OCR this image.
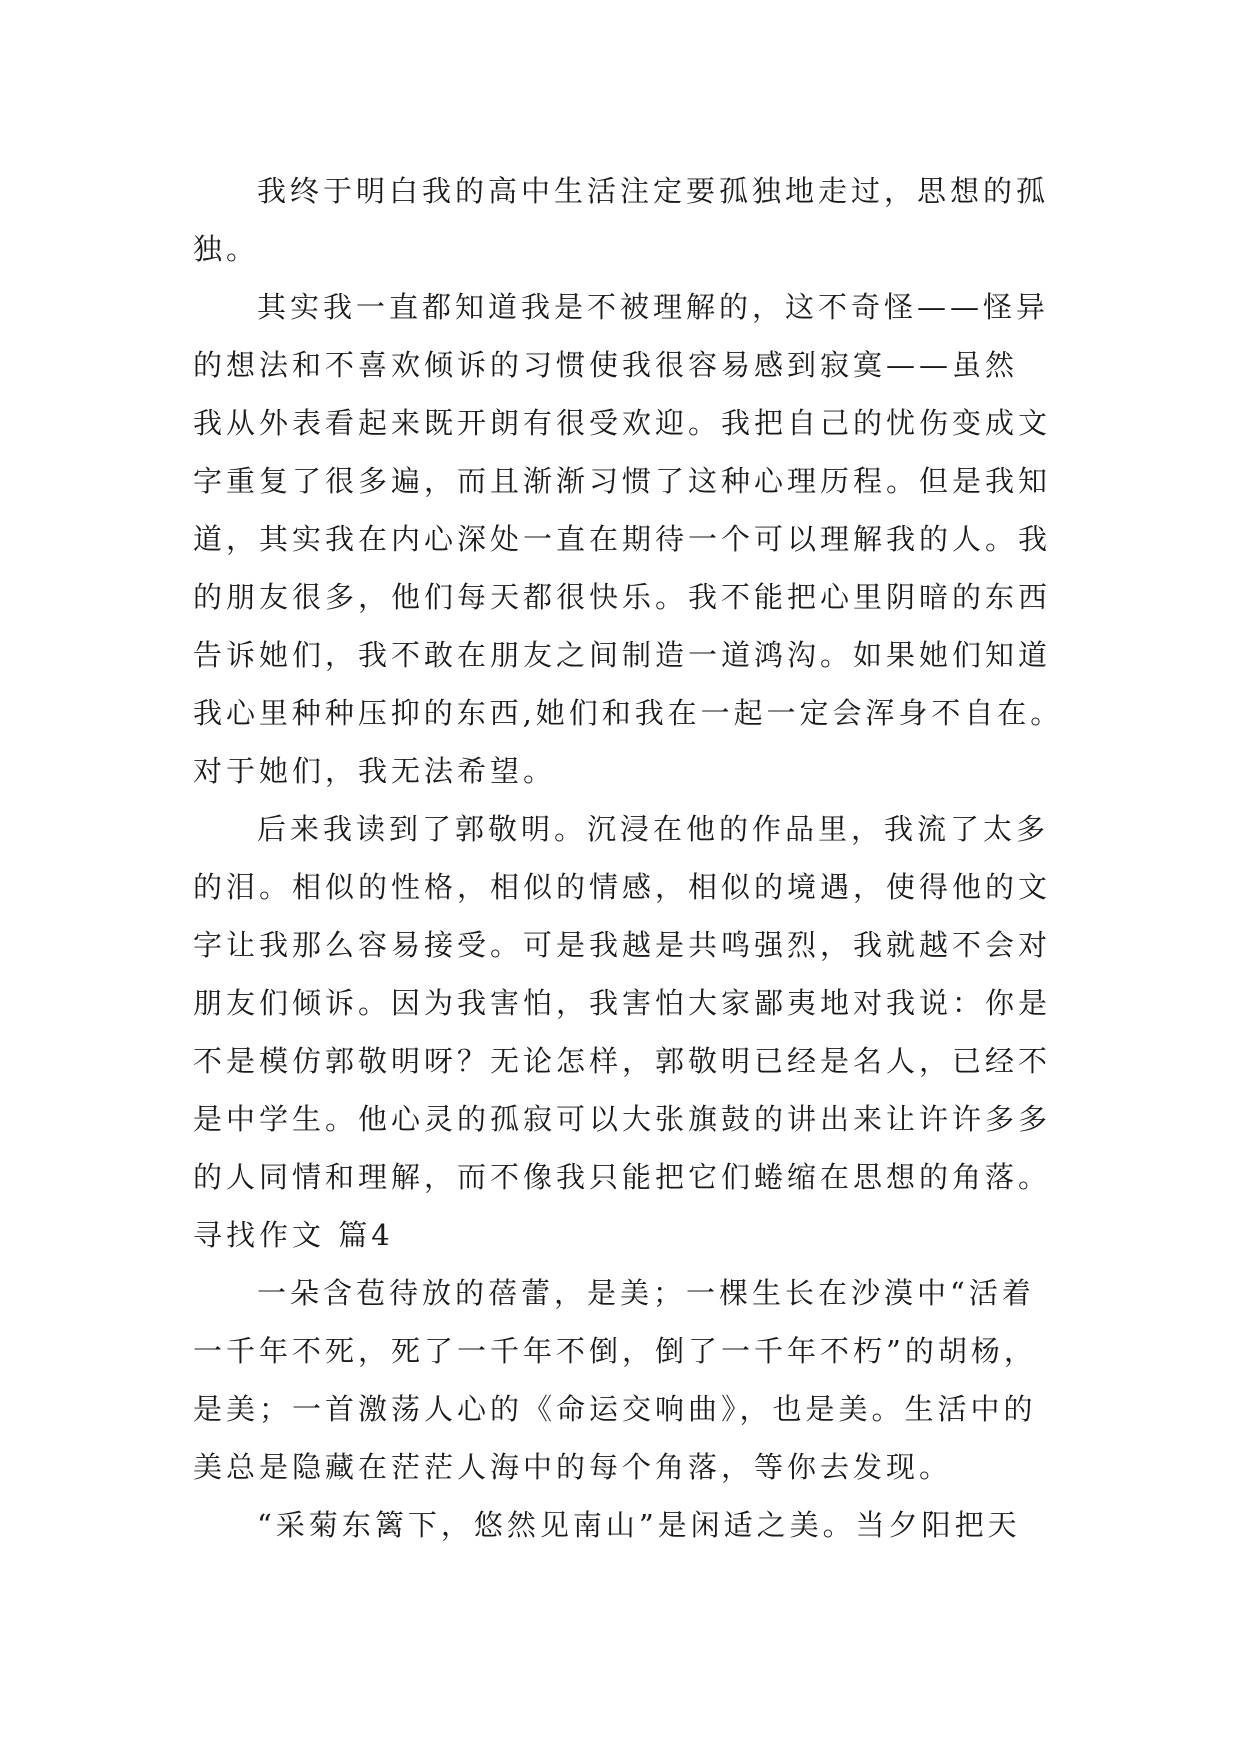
我终于明白我的高中生活注定要孤独地走过，思想的孤
独。
其实我一直都知道我是不被理解的，这不奇怪——怪异
的想法和不喜欢倾诉的习惯使我很容易感到寂寞——虽然
我从外表看起来既开朗有很受欢迎。我把自己的忧伤变成文
字重复了很多遍，而且渐渐习惯了这种心理历程。但是我知
道，其实我在内心深处一直在期待一个可以理解我的人。我
的朋友很多，他们每天都很快乐。我不能把心里阴暗的东西
告诉她们，我不敢在朋友之间制造一道鸿沟。如果她们知道
我心里种种压抑的东西,她们和我在一起一定会浑身不自在。
对于她们，我无法希望。
后来我读到了郭敬明。沉浸在他的作品里，我流了太多
的泪。相似的性格，相似的情感，相似的境遇，使得他的文
字让我那么容易接受。可是我越是共鸣强烈，我就越不会对
朋友们倾诉。因为我害怕，我害怕大家鄙夷地对我说：你是
不是模仿郭敬明呀？无论怎样，郭敬明已经是名人，已经不
是中学生。他心灵的孤寂可以大张旗鼓的讲出来让许许多多
的人同情和理解，而不像我只能把它们蜷缩在思想的角落。
寻找作文 篇4
一朵含苞待放的蓓蕾，是美；一棵生长在沙漠中“活着
一千年不死，死了一千年不倒，倒了一千年不朽”的胡杨，
是美；一首激荡人心的《命运交响曲》，也是美。生活中的
美总是隐藏在茫茫人海中的每个角落，等你去发现。
“采菊东篱下，悠然见南山”是闲适之美。当夕阳把天
